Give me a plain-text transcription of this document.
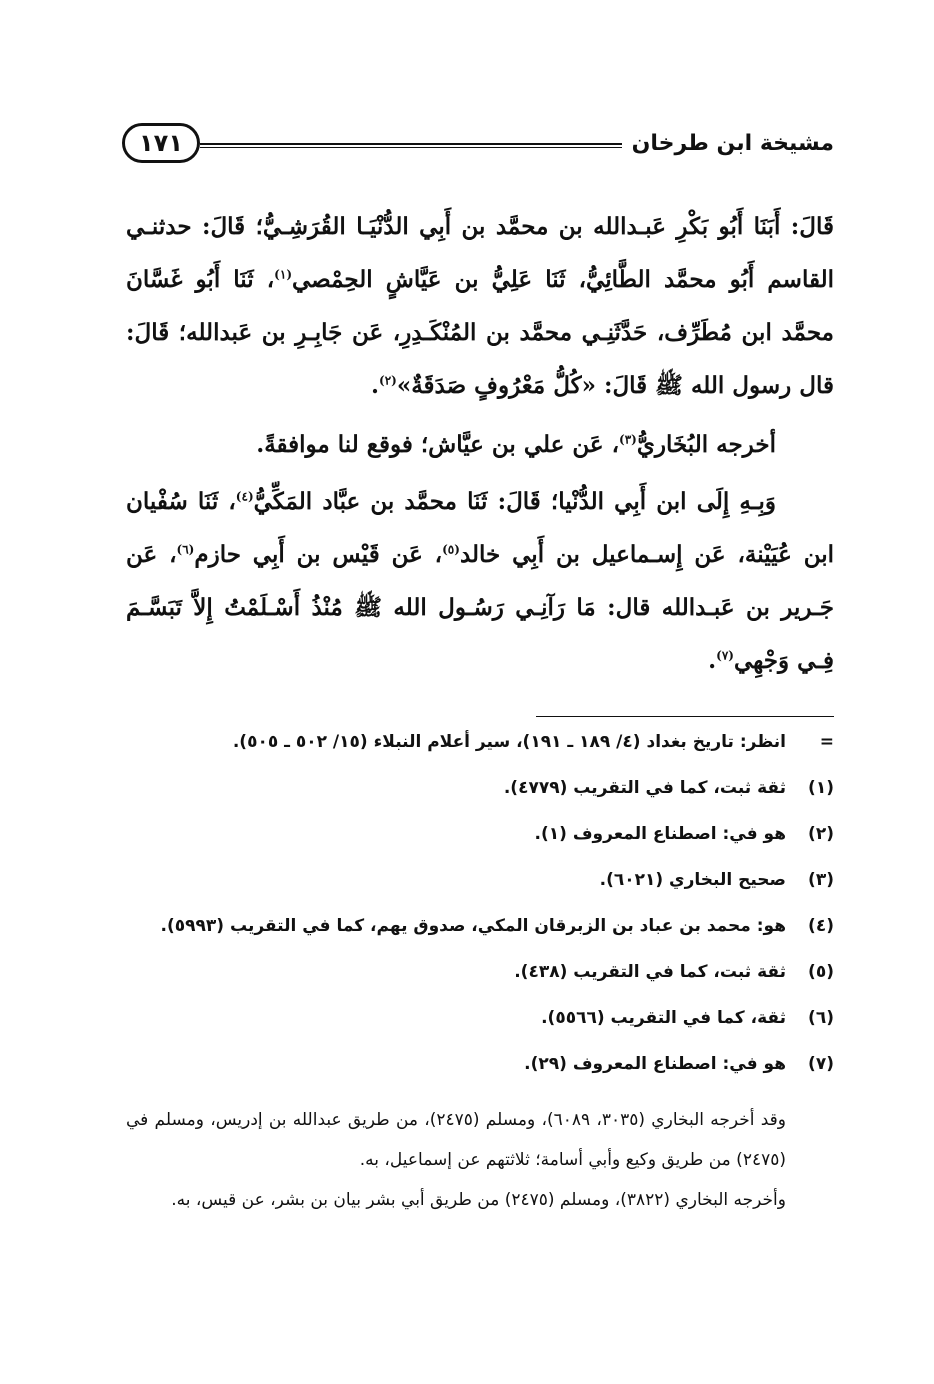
مشيخة ابن طرخان
١٧١

قَالَ: أَبَنَا أَبُو بَكْرِ عَبـدالله بن محمَّد بن أَبِي الدُّنْيَـا القُرَشِـيُّ؛ قَالَ: حدثنـي القاسم أَبُو محمَّد الطَّائِيُّ، ثَنَا عَلِيُّ بن عَيَّاشٍ الحِمْصي$^{(١)}$، ثَنَا أَبُو غَسَّانَ محمَّد ابن مُطَرِّف، حَدَّثَنِـي محمَّد بن المُنْكَـدِرِ، عَن جَابِـرِ بن عَبدالله؛ قَالَ: قال رسول الله ﷺ قَالَ: «كُلُّ مَعْرُوفٍ صَدَقَةٌ»$^{(٢)}$.

أخرجه البُخَاريُّ$^{(٣)}$، عَن علي بن عيَّاش؛ فوقع لنا موافقةً.

وَبِـهِ إِلَى ابن أَبِي الدُّنْيا؛ قَالَ: ثَنَا محمَّد بن عبَّاد المَكِّيُّ$^{(٤)}$، ثَنَا سُفْيان ابن عُيَيْنة، عَن إِسـماعيل بن أَبِي خالد$^{(٥)}$، عَن قَيْس بن أَبِي حازم$^{(٦)}$، عَن جَـرير بن عَبـدالله قال: مَا رَآنِـي رَسُـول الله ﷺ مُنْذُ أَسْـلَمْتُ إِلاَّ تَبَسَّـمَ فِـي وَجْهِي$^{(٧)}$.

=
انظر: تاريخ بغداد (٤/ ١٨٩ ـ ١٩١)، سير أعلام النبلاء (١٥/ ٥٠٢ ـ ٥٠٥).
(١)
ثقة ثبت، كما في التقريب (٤٧٧٩).
(٢)
هو في: اصطناع المعروف (١).
(٣)
صحيح البخاري (٦٠٢١).
(٤)
هو: محمد بن عباد بن الزبرقان المكي، صدوق يهم، كما في التقريب (٥٩٩٣).
(٥)
ثقة ثبت، كما في التقريب (٤٣٨).
(٦)
ثقة، كما في التقريب (٥٥٦٦).
(٧)
هو في: اصطناع المعروف (٢٩).
وقد أخرجه البخاري (٣٠٣٥، ٦٠٨٩)، ومسلم (٢٤٧٥)، من طريق عبدالله بن إدريس، ومسلم في (٢٤٧٥) من طريق وكيع وأبي أسامة؛ ثلاثتهم عن إسماعيل، به.
وأخرجه البخاري (٣٨٢٢)، ومسلم (٢٤٧٥) من طريق أبي بشر بيان بن بشر، عن قيس، به.
